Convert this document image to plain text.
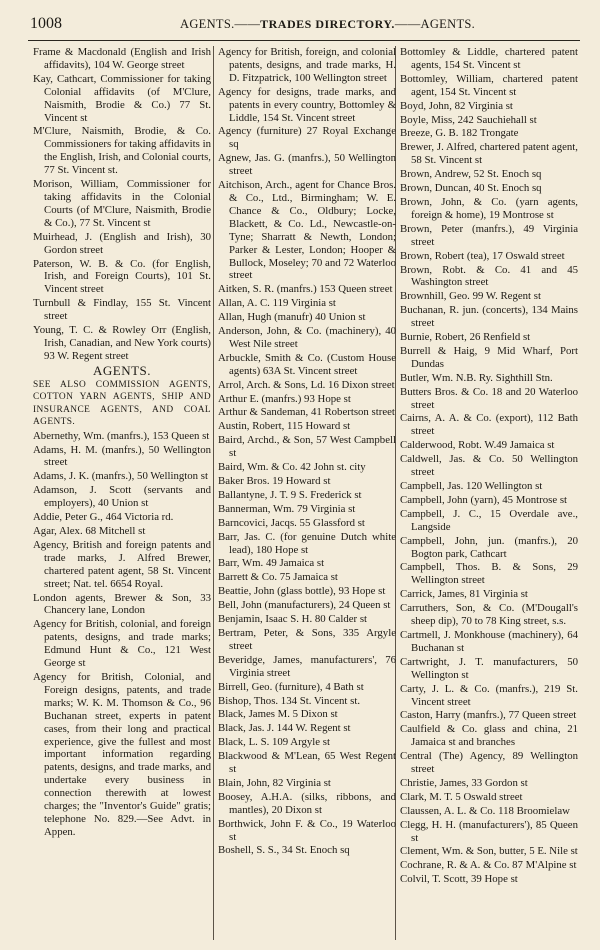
1008	AGENTS.——TRADES DIRECTORY.——AGENTS.
Frame & Macdonald (English and Irish affidavits), 104 W. George street
Kay, Cathcart, Commissioner for taking Colonial affidavits (of M'Clure, Naismith, Brodie & Co.) 77 St. Vincent st
M'Clure, Naismith, Brodie, & Co. Commissioners for taking affidavits in the English, Irish, and Colonial courts, 77 St. Vincent st.
Morison, William, Commissioner for taking affidavits in the Colonial Courts (of M'Clure, Naismith, Brodie & Co.), 77 St. Vincent st
Muirhead, J. (English and Irish), 30 Gordon street
Paterson, W. B. & Co. (for English, Irish, and Foreign Courts), 101 St. Vincent street
Turnbull & Findlay, 155 St. Vincent street
Young, T. C. & Rowley Orr (English, Irish, Canadian, and New York courts) 93 W. Regent street
AGENTS.
SEE ALSO COMMISSION AGENTS, COTTON YARN AGENTS, SHIP AND INSURANCE AGENTS, AND COAL AGENTS.
Abernethy, Wm. (manfrs.), 153 Queen st
Adams, H. M. (manfrs.), 50 Wellington street
Adams, J. K. (manfrs.), 50 Wellington st
Adamson, J. Scott (servants and employers), 40 Union st
Addie, Peter G., 464 Victoria rd.
Agar, Alex. 68 Mitchell st
Agency, British and foreign patents and trade marks, J. Alfred Brewer, chartered patent agent, 58 St. Vincent street; Nat. tel. 6654 Royal.
London agents, Brewer & Son, 33 Chancery lane, London
Agency for British, colonial, and foreign patents, designs, and trade marks; Edmund Hunt & Co., 121 West George st
Agency for British, Colonial, and Foreign designs, patents, and trade marks; W. K. M. Thomson & Co., 96 Buchanan street, experts in patent cases, from their long and practical experience, give the fullest and most important information regarding patents, designs, and trade marks, and undertake every business in connection therewith at lowest charges; the "Inventor's Guide" gratis; telephone No. 829.—See Advt. in Appen.
Agency for British, foreign, and colonial patents, designs, and trade marks, H. D. Fitzpatrick, 100 Wellington street
Agency for designs, trade marks, and patents in every country, Bottomley & Liddle, 154 St. Vincent street
Agency (furniture) 27 Royal Exchange sq
Agnew, Jas. G. (manfrs.), 50 Wellington street
Aitchison, Arch., agent for Chance Bros. & Co., Ltd., Birmingham; W. E. Chance & Co., Oldbury; Locke, Blackett, & Co. Ld., Newcastle-on-Tyne; Sharratt & Newth, London; Parker & Lester, London; Hooper & Bullock, Moseley; 70 and 72 Waterloo street
Aitken, S. R. (manfrs.) 153 Queen street
Allan, A. C. 119 Virginia st
Allan, Hugh (manufr) 40 Union st
Anderson, John, & Co. (machinery), 40 West Nile street
Arbuckle, Smith & Co. (Custom House agents) 63A St. Vincent street
Arrol, Arch. & Sons, Ld. 16 Dixon street
Arthur E. (manfrs.) 93 Hope st
Arthur & Sandeman, 41 Robertson street
Austin, Robert, 115 Howard st
Baird, Archd., & Son, 57 West Campbell st
Baird, Wm. & Co. 42 John st. city
Baker Bros. 19 Howard st
Ballantyne, J. T. 9 S. Frederick st
Bannerman, Wm. 79 Virginia st
Barncovici, Jacqs. 55 Glassford st
Barr, Jas. C. (for genuine Dutch white lead), 180 Hope st
Barr, Wm. 49 Jamaica st
Barrett & Co. 75 Jamaica st
Beattie, John (glass bottle), 93 Hope st
Bell, John (manufacturers), 24 Queen st
Benjamin, Isaac S. H. 80 Calder st
Bertram, Peter, & Sons, 335 Argyle street
Beveridge, James, manufacturers', 76 Virginia street
Birrell, Geo. (furniture), 4 Bath st
Bishop, Thos. 134 St. Vincent st.
Black, James M. 5 Dixon st
Black, Jas. J. 144 W. Regent st
Black, L. S. 109 Argyle st
Blackwood & M'Lean, 65 West Regent st
Blain, John, 82 Virginia st
Boosey, A.H.A. (silks, ribbons, and mantles), 20 Dixon st
Borthwick, John F. & Co., 19 Waterloo st
Boshell, S. S., 34 St. Enoch sq
Bottomley & Liddle, chartered patent agents, 154 St. Vincent st
Bottomley, William, chartered patent agent, 154 St. Vincent st
Boyd, John, 82 Virginia st
Boyle, Miss, 242 Sauchiehall st
Breeze, G. B. 182 Trongate
Brewer, J. Alfred, chartered patent agent, 58 St. Vincent st
Brown, Andrew, 52 St. Enoch sq
Brown, Duncan, 40 St. Enoch sq
Brown, John, & Co. (yarn agents, foreign & home), 19 Montrose st
Brown, Peter (manfrs.), 49 Virginia street
Brown, Robert (tea), 17 Oswald street
Brown, Robt. & Co. 41 and 45 Washington street
Brownhill, Geo. 99 W. Regent st
Buchanan, R. jun. (concerts), 134 Mains street
Burnie, Robert, 26 Renfield st
Burrell & Haig, 9 Mid Wharf, Port Dundas
Butler, Wm. N.B. Ry. Sighthill Stn.
Butters Bros. & Co. 18 and 20 Waterloo street
Cairns, A. A. & Co. (export), 112 Bath street
Calderwood, Robt. W.49 Jamaica st
Caldwell, Jas. & Co. 50 Wellington street
Campbell, Jas. 120 Wellington st
Campbell, John (yarn), 45 Montrose st
Campbell, J. C., 15 Overdale ave., Langside
Campbell, John, jun. (manfrs.), 20 Bogton park, Cathcart
Campbell, Thos. B. & Sons, 29 Wellington street
Carrick, James, 81 Virginia st
Carruthers, Son, & Co. (M'Dougall's sheep dip), 70 to 78 King street, s.s.
Cartmell, J. Monkhouse (machinery), 64 Buchanan st
Cartwright, J. T. manufacturers, 50 Wellington st
Carty, J. L. & Co. (manfrs.), 219 St. Vincent street
Caston, Harry (manfrs.), 77 Queen street
Caulfield & Co. glass and china, 21 Jamaica st and branches
Central (The) Agency, 89 Wellington street
Christie, James, 33 Gordon st
Clark, M. T. 5 Oswald street
Claussen, A. L. & Co. 118 Broomielaw
Clegg, H. H. (manufacturers'), 85 Queen st
Clement, Wm. & Son, butter, 5 E. Nile st
Cochrane, R. & A. & Co. 87 M'Alpine st
Colvil, T. Scott, 39 Hope st
